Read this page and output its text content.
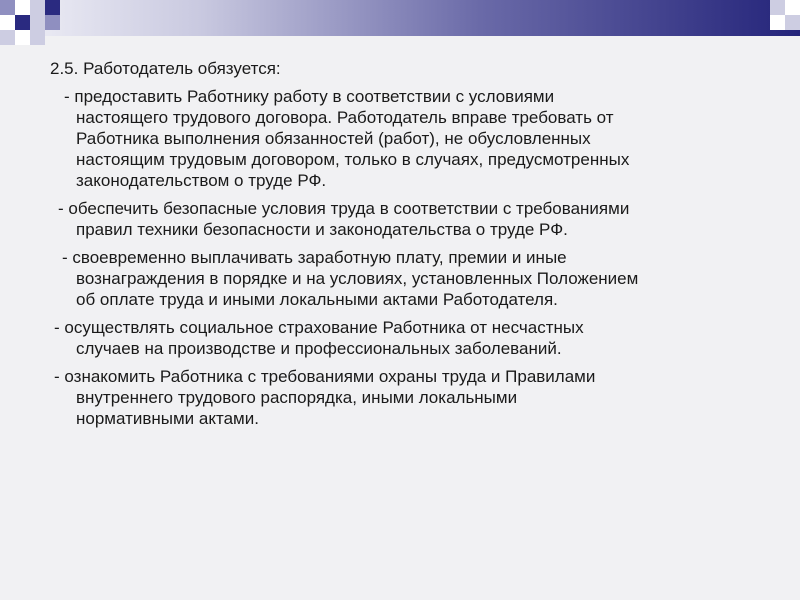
2.5. Работодатель обязуется:
- предоставить Работнику работу в соответствии с условиями
настоящего трудового договора. Работодатель вправе требовать от
Работника выполнения обязанностей (работ), не обусловленных
настоящим трудовым договором, только в случаях, предусмотренных
законодательством о труде РФ.
- обеспечить безопасные условия труда в соответствии с требованиями
правил техники безопасности и законодательства о труде РФ.
- своевременно выплачивать заработную плату, премии и иные
вознаграждения в порядке и на условиях, установленных Положением
об оплате труда и иными локальными актами Работодателя.
- осуществлять социальное страхование Работника от несчастных
случаев на производстве и профессиональных заболеваний.
- ознакомить Работника с требованиями охраны труда и Правилами
внутреннего трудового распорядка, иными локальными
нормативными актами.
